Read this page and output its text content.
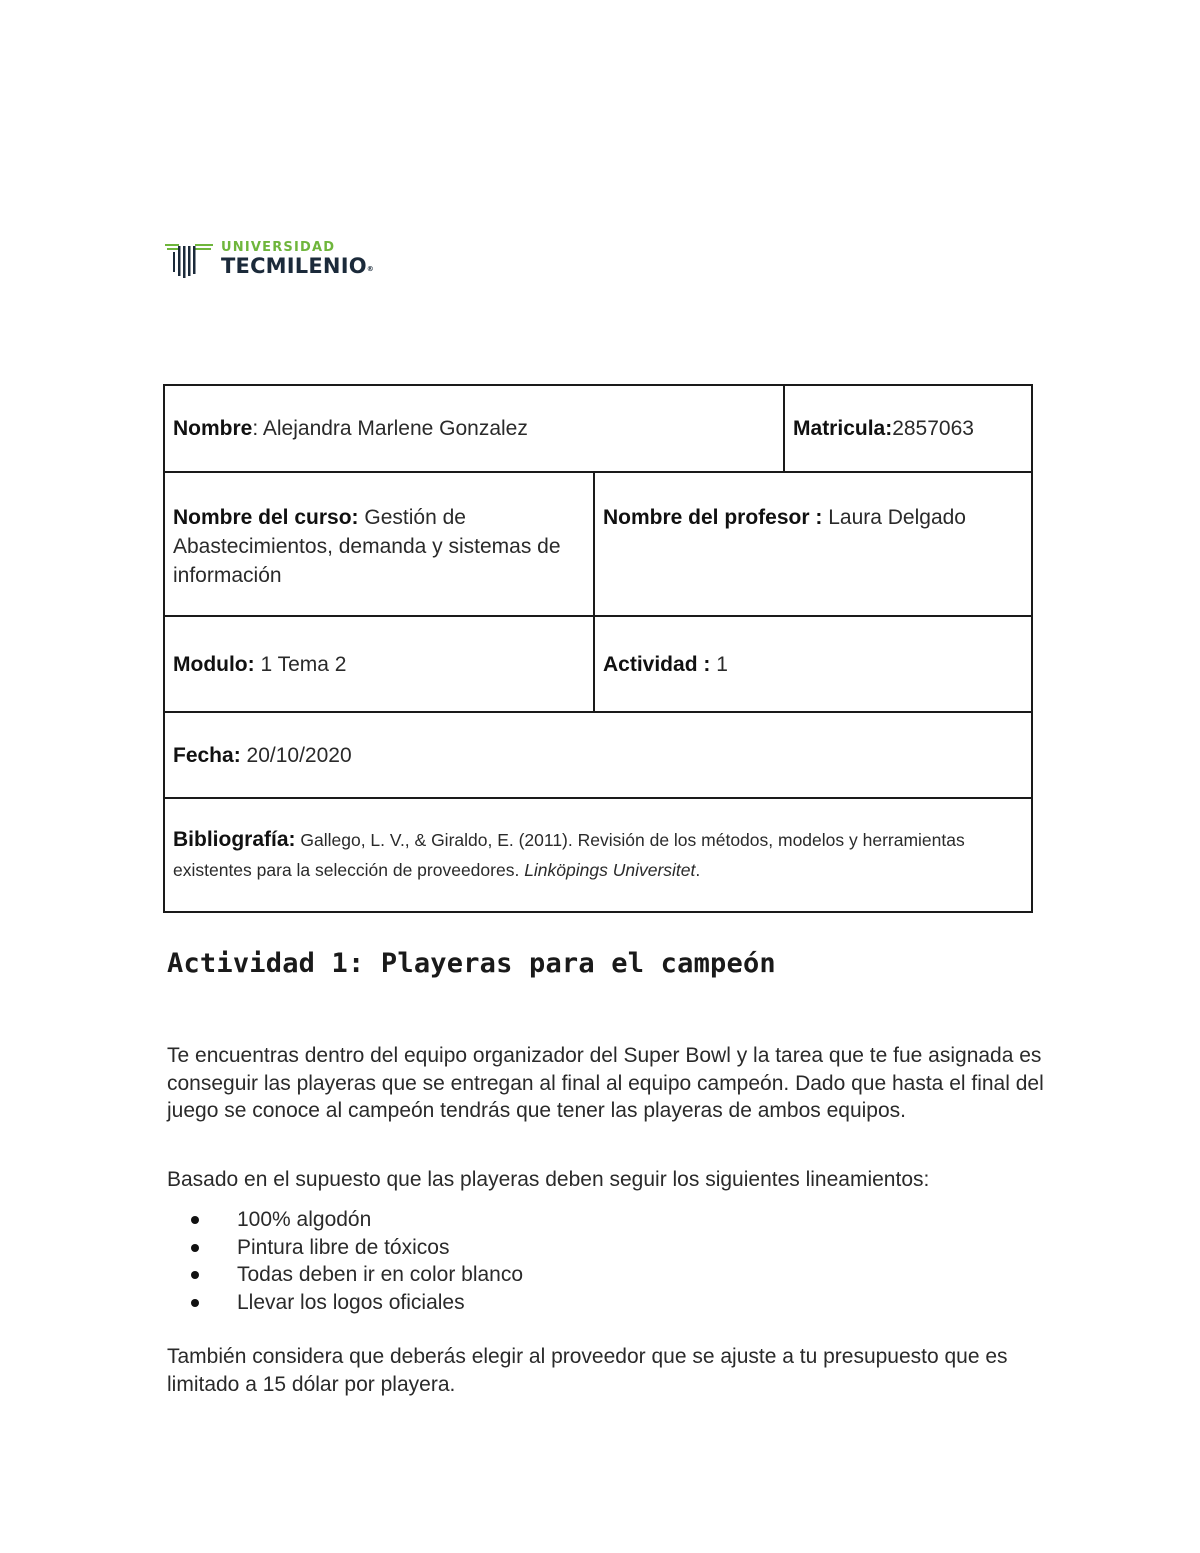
UNIVERSIDAD
TECMILENIO®
Nombre: Alejandra Marlene Gonzalez		Matricula:2857063
Nombre del curso: Gestión de Abastecimientos, demanda y sistemas de información	Nombre del profesor : Laura Delgado	
Modulo: 1 Tema 2	Actividad : 1	
Fecha: 20/10/2020		
Bibliografía: Gallego, L. V., & Giraldo, E. (2011). Revisión de los métodos, modelos y herramientas existentes para la selección de proveedores. Linköpings Universitet.		
Actividad 1: Playeras para el campeón

Te encuentras dentro del equipo organizador del Super Bowl y la tarea que te fue asignada es conseguir las playeras que se entregan al final al equipo campeón. Dado que hasta el final del juego se conoce al campeón tendrás que tener las playeras de ambos equipos.

Basado en el supuesto que las playeras deben seguir los siguientes lineamientos:

100% algodón
Pintura libre de tóxicos
Todas deben ir en color blanco
Llevar los logos oficiales

También considera que deberás elegir al proveedor que se ajuste a tu presupuesto que es limitado a 15 dólar por playera.
